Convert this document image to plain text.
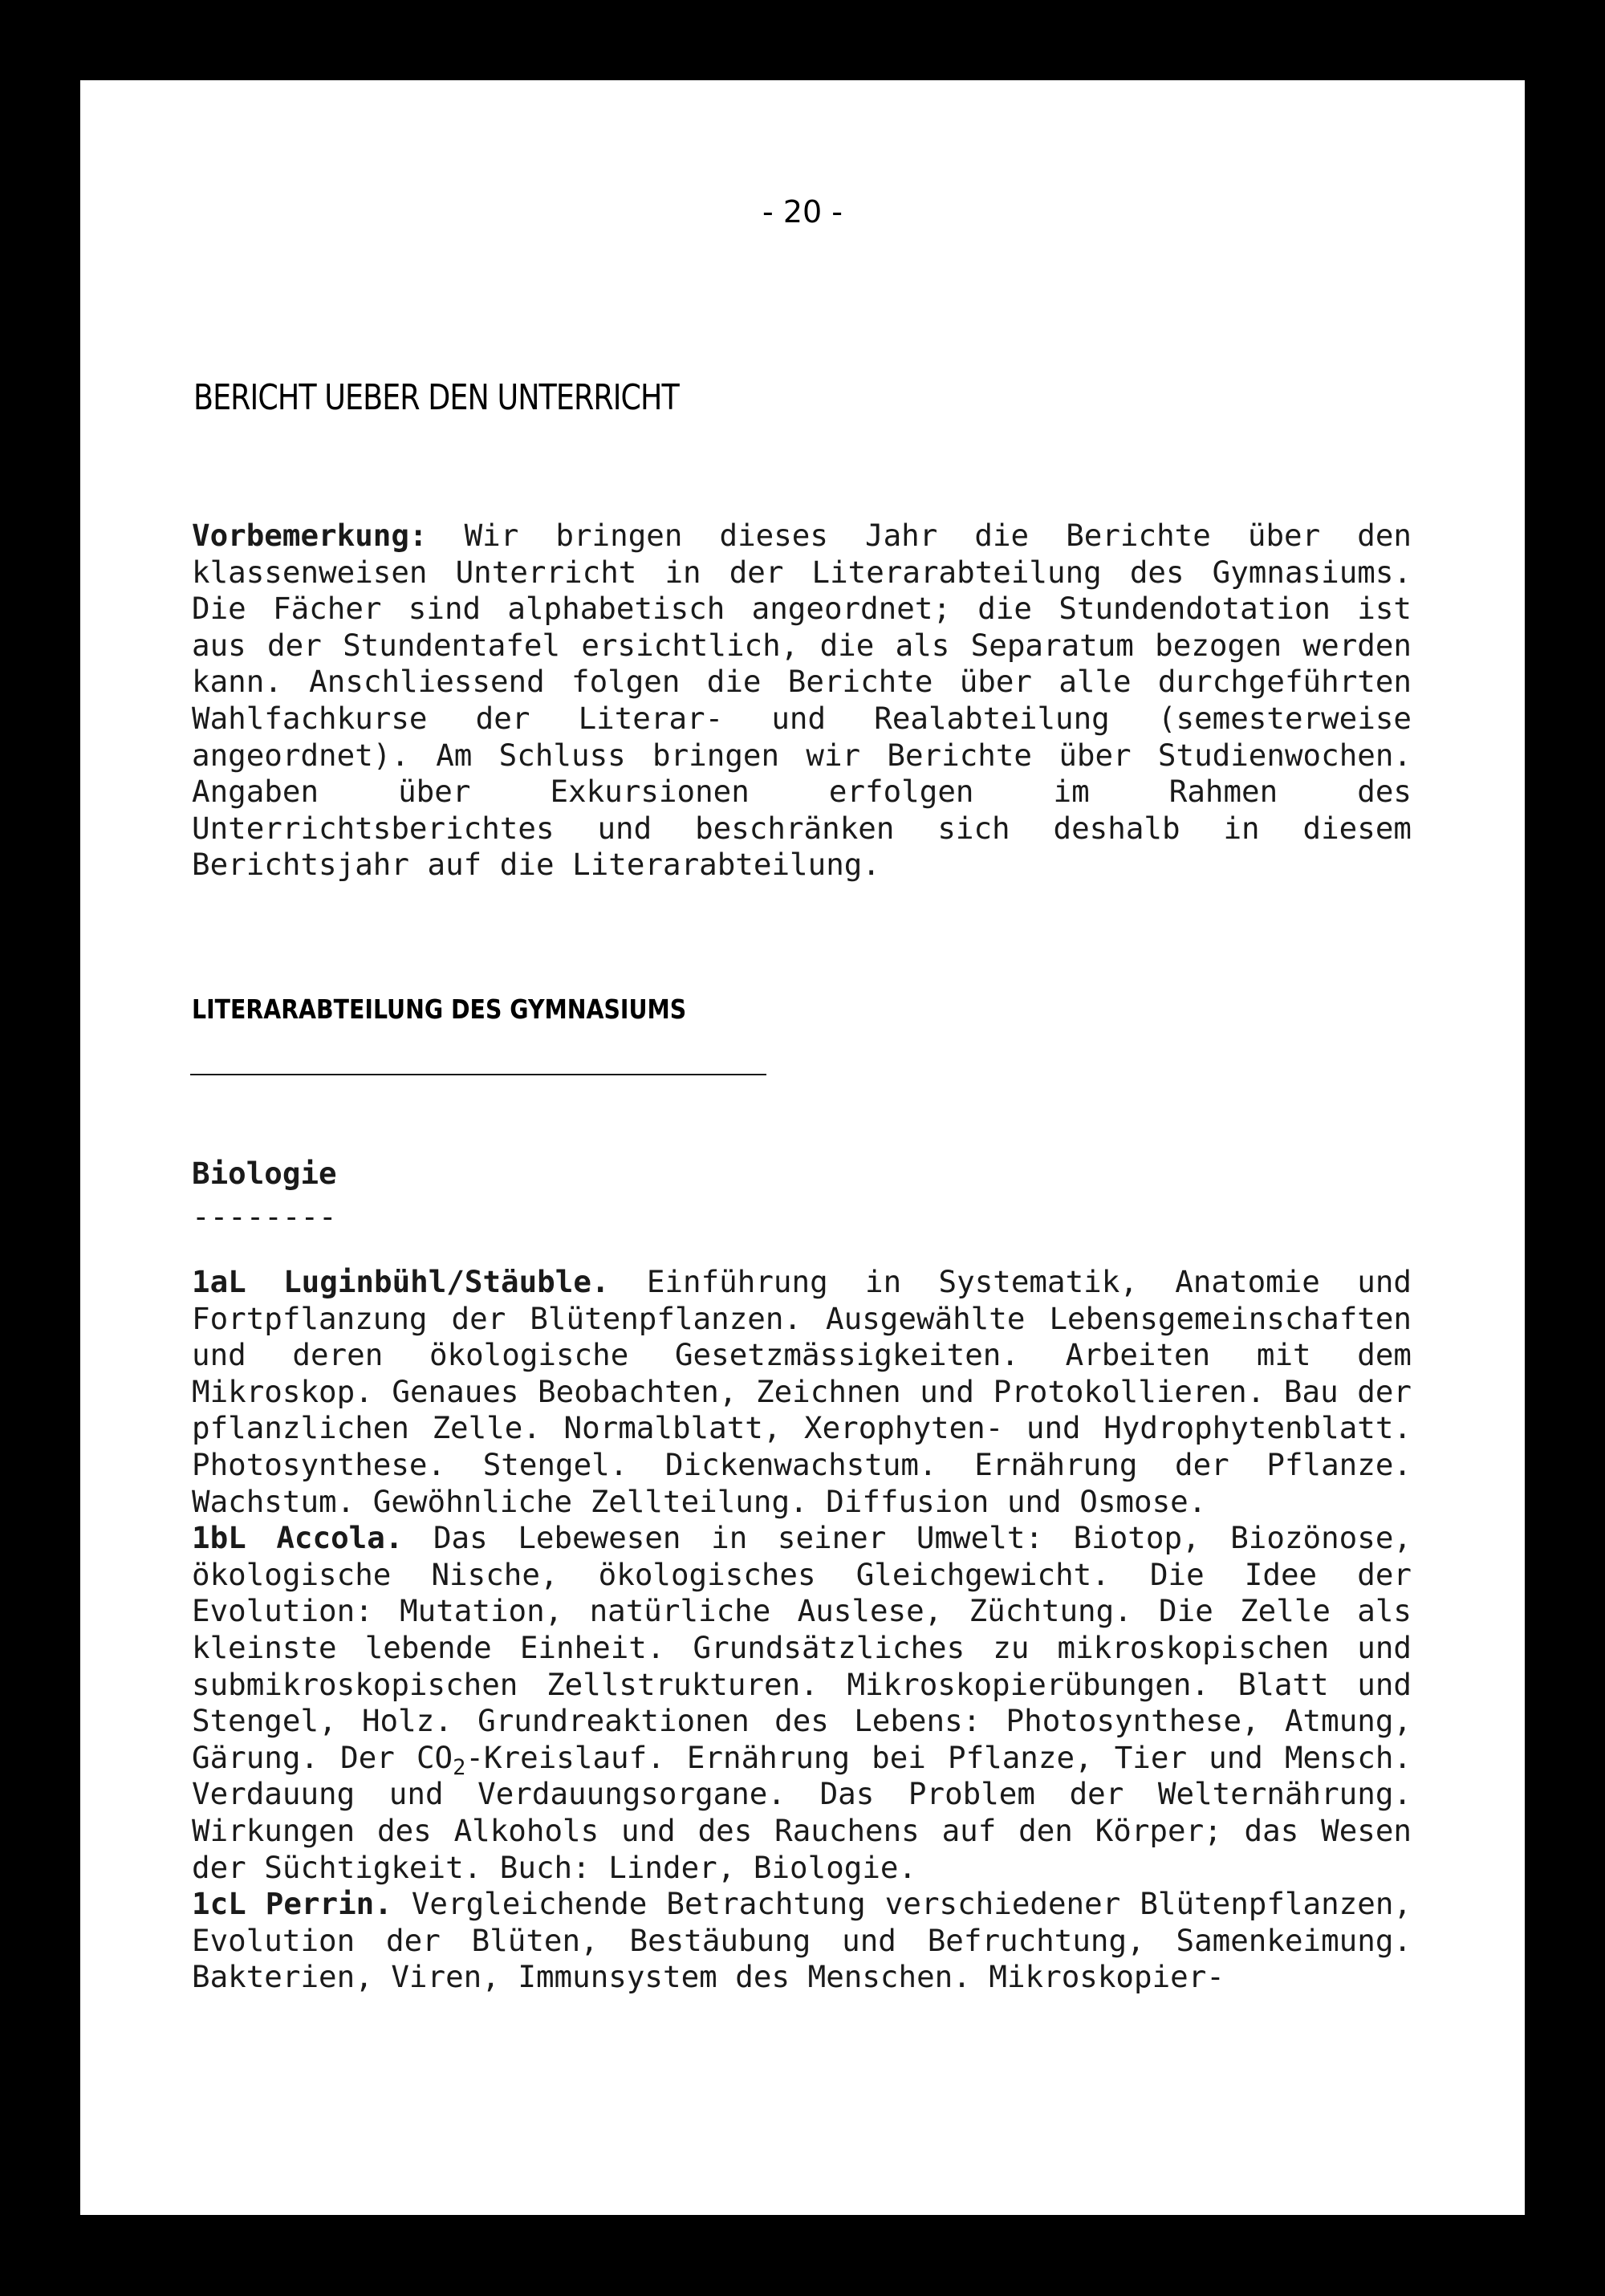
- 20 -
BERICHT UEBER DEN UNTERRICHT

Vorbemerkung: Wir bringen dieses Jahr die Berichte über den klassenweisen Unterricht in der Literarabteilung des Gymnasiums. Die Fächer sind alphabetisch angeordnet; die Stundendotation ist aus der Stundentafel ersichtlich, die als Separatum bezogen werden kann. Anschliessend folgen die Berichte über alle durchgeführten Wahlfachkurse der Literar- und Realabteilung (semesterweise angeordnet). Am Schluss bringen wir Berichte über Studienwochen. Angaben über Exkursionen erfolgen im Rahmen des Unterrichtsberichtes und beschränken sich deshalb in diesem Berichtsjahr auf die Literarabteilung.

LITERARABTEILUNG DES GYMNASIUMS
Biologie
--------

1aL Luginbühl/Stäuble. Einführung in Systematik, Anatomie und Fortpflanzung der Blütenpflanzen. Ausgewählte Lebensgemeinschaften und deren ökologische Gesetzmässigkeiten. Arbeiten mit dem Mikroskop. Genaues Beobachten, Zeichnen und Protokollieren. Bau der pflanzlichen Zelle. Normalblatt, Xerophyten- und Hydrophytenblatt. Photosynthese. Stengel. Dickenwachstum. Ernährung der Pflanze. Wachstum. Gewöhnliche Zellteilung. Diffusion und Osmose.

1bL Accola. Das Lebewesen in seiner Umwelt: Biotop, Biozönose, ökologische Nische, ökologisches Gleichgewicht. Die Idee der Evolution: Mutation, natürliche Auslese, Züchtung. Die Zelle als kleinste lebende Einheit. Grundsätzliches zu mikroskopischen und submikroskopischen Zellstrukturen. Mikroskopierübungen. Blatt und Stengel, Holz. Grundreaktionen des Lebens: Photosynthese, Atmung, Gärung. Der $CO_2$-Kreislauf. Ernährung bei Pflanze, Tier und Mensch. Verdauung und Verdauungsorgane. Das Problem der Welternährung. Wirkungen des Alkohols und des Rauchens auf den Körper; das Wesen der Süchtigkeit. Buch: Linder, Biologie.

1cL Perrin. Vergleichende Betrachtung verschiedener Blütenpflanzen, Evolution der Blüten, Bestäubung und Befruchtung, Samenkeimung. Bakterien, Viren, Immunsystem des Menschen. Mikroskopier-
